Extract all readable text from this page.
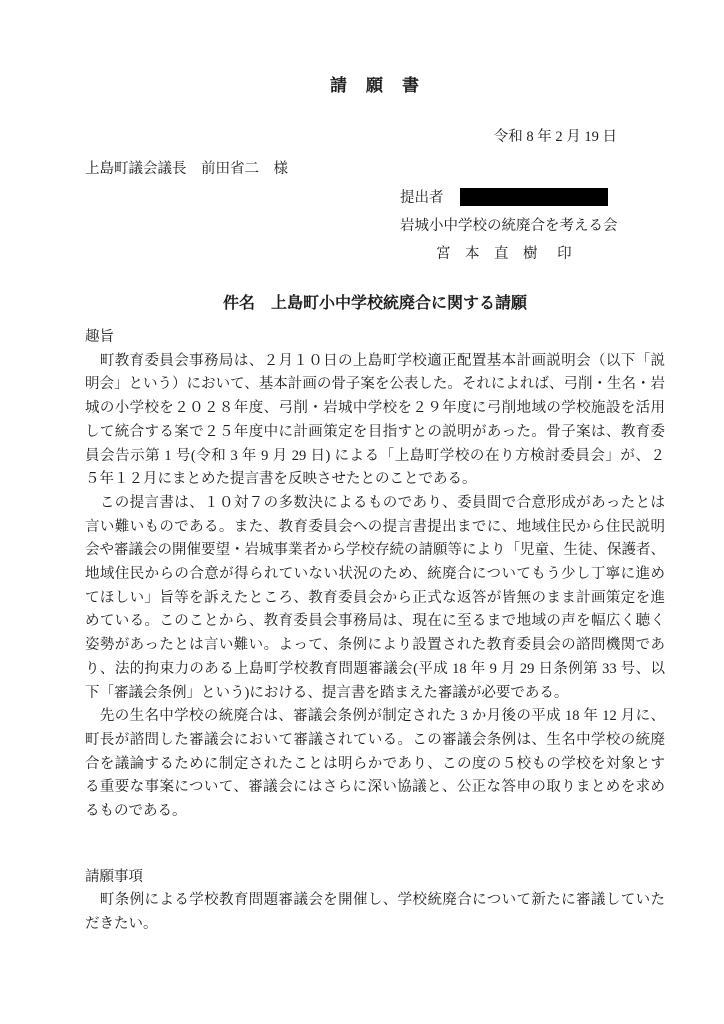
請　願　書
令和 8 年 2 月 19 日
上島町議会議長　前田省二　様
提出者
岩城小中学校の統廃合を考える会
宮　本　直　樹 印
件名　上島町小中学校統廃合に関する請願
趣旨
　町教育委員会事務局は、２月１０日の上島町学校適正配置基本計画説明会（以下「説
明会」という）において、基本計画の骨子案を公表した。それによれば、弓削・生名・岩
城の小学校を２０２８年度、弓削・岩城中学校を２９年度に弓削地域の学校施設を活用
して統合する案で２５年度中に計画策定を目指すとの説明があった。骨子案は、教育委
員会告示第 1 号(令和 3 年 9 月 29 日) による「上島町学校の在り方検討委員会」が、２
５年１２月にまとめた提言書を反映させたとのことである。
　この提言書は、１０対７の多数決によるものであり、委員間で合意形成があったとは
言い難いものである。また、教育委員会への提言書提出までに、地域住民から住民説明
会や審議会の開催要望・岩城事業者から学校存続の請願等により「児童、生徒、保護者、
地域住民からの合意が得られていない状況のため、統廃合についてもう少し丁寧に進め
てほしい」旨等を訴えたところ、教育委員会から正式な返答が皆無のまま計画策定を進
めている。このことから、教育委員会事務局は、現在に至るまで地域の声を幅広く聴く
姿勢があったとは言い難い。よって、条例により設置された教育委員会の諮問機関であ
り、法的拘束力のある上島町学校教育問題審議会(平成 18 年 9 月 29 日条例第 33 号、以
下「審議会条例」という)における、提言書を踏まえた審議が必要である。
　先の生名中学校の統廃合は、審議会条例が制定された 3 か月後の平成 18 年 12 月に、
町長が諮問した審議会において審議されている。この審議会条例は、生名中学校の統廃
合を議論するために制定されたことは明らかであり、この度の５校もの学校を対象とす
る重要な事案について、審議会にはさらに深い協議と、公正な答申の取りまとめを求め
るものである。
請願事項
　町条例による学校教育問題審議会を開催し、学校統廃合について新たに審議していた
だきたい。
